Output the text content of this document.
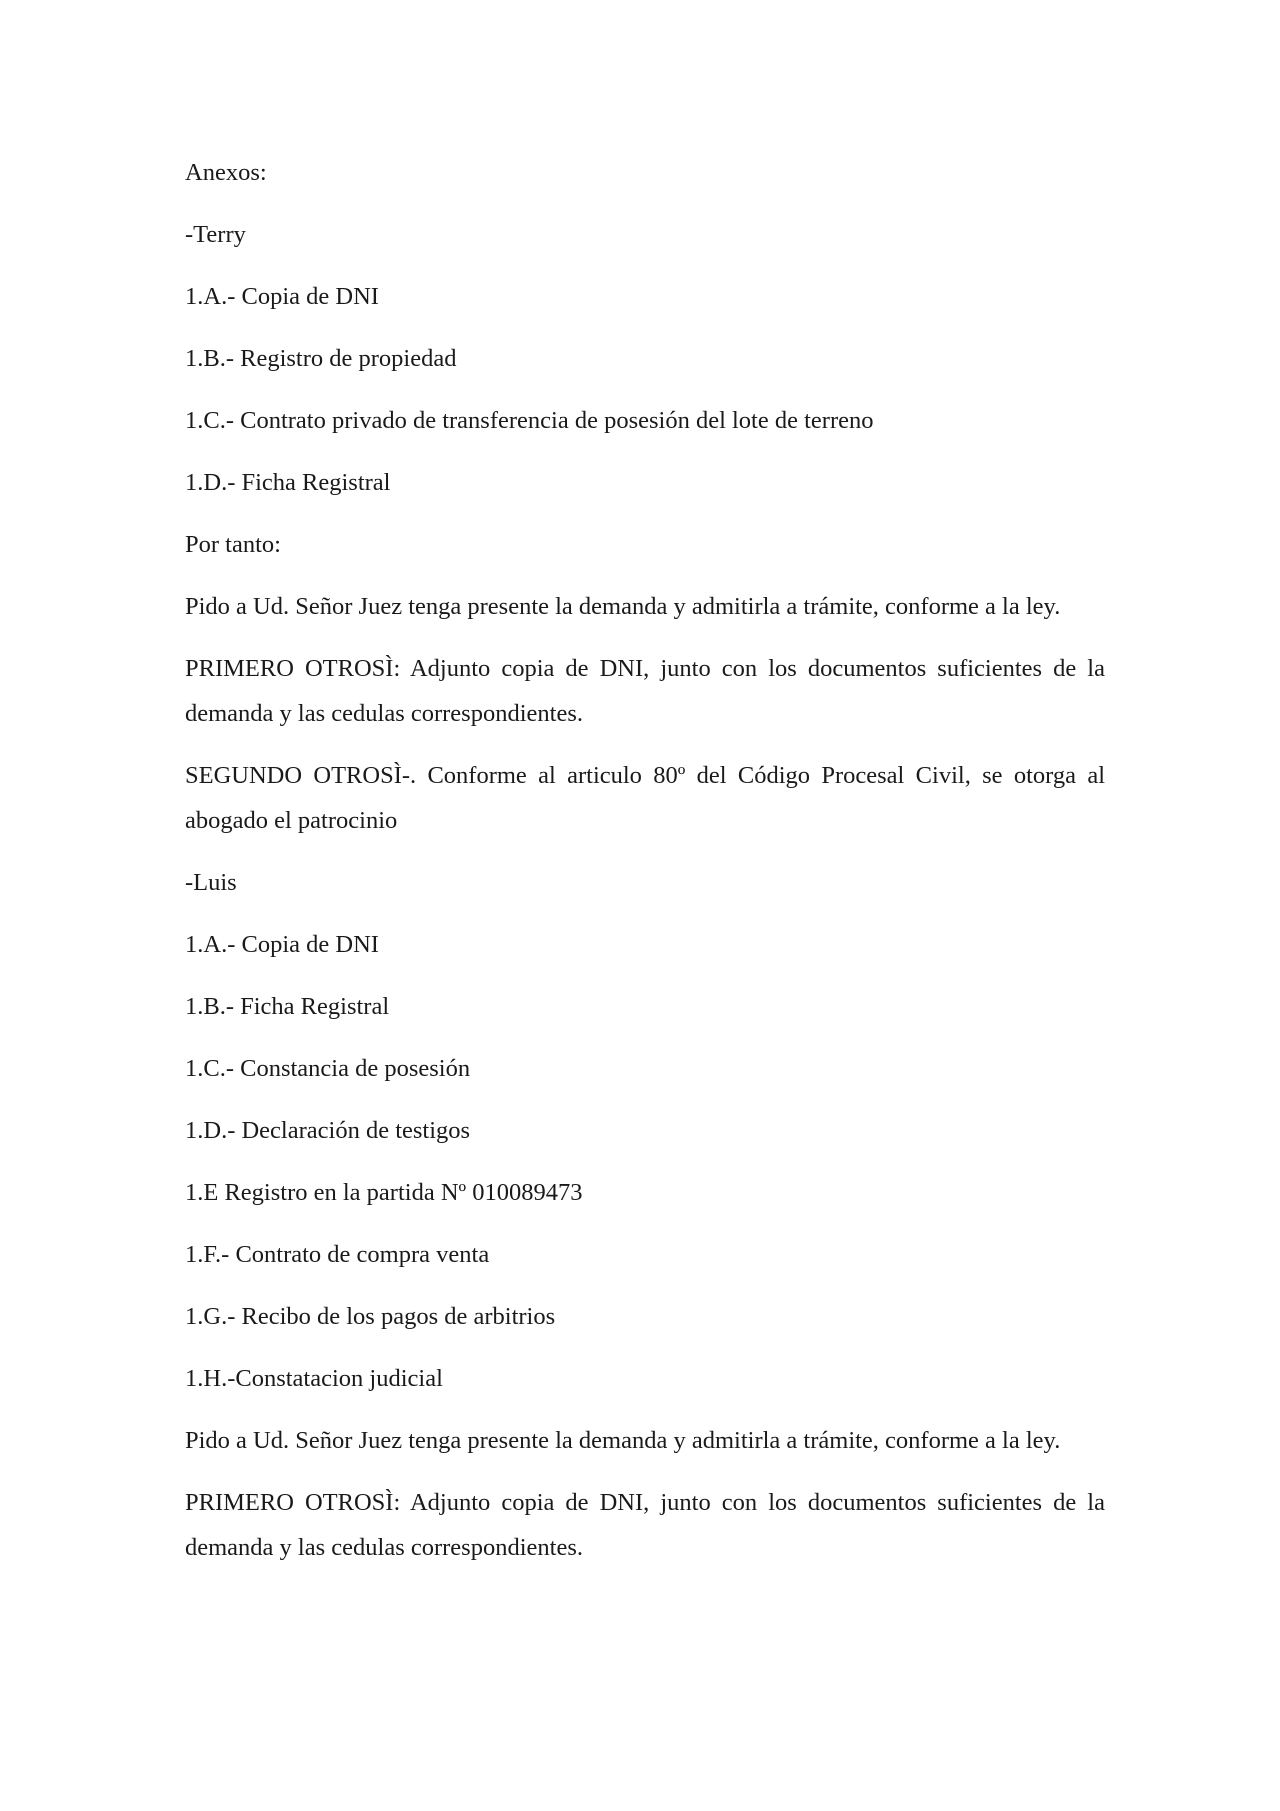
Anexos:

-Terry

1.A.- Copia de DNI

1.B.- Registro de propiedad

1.C.- Contrato privado de transferencia de posesión del lote de terreno

1.D.- Ficha Registral

Por tanto:

Pido a Ud. Señor Juez tenga presente la demanda y admitirla a trámite, conforme a la ley.

PRIMERO OTROSÌ: Adjunto copia de DNI, junto con los documentos suficientes de la demanda y las cedulas correspondientes.

SEGUNDO OTROSÌ-. Conforme al articulo 80º del Código Procesal Civil, se otorga al abogado el patrocinio

-Luis

1.A.- Copia de DNI

1.B.- Ficha Registral

1.C.- Constancia de posesión

1.D.- Declaración de testigos

1.E Registro en la partida Nº 010089473

1.F.- Contrato de compra venta

1.G.- Recibo de los pagos de arbitrios

1.H.-Constatacion judicial

Pido a Ud. Señor Juez tenga presente la demanda y admitirla a trámite, conforme a la ley.

PRIMERO OTROSÌ: Adjunto copia de DNI, junto con los documentos suficientes de la demanda y las cedulas correspondientes.
